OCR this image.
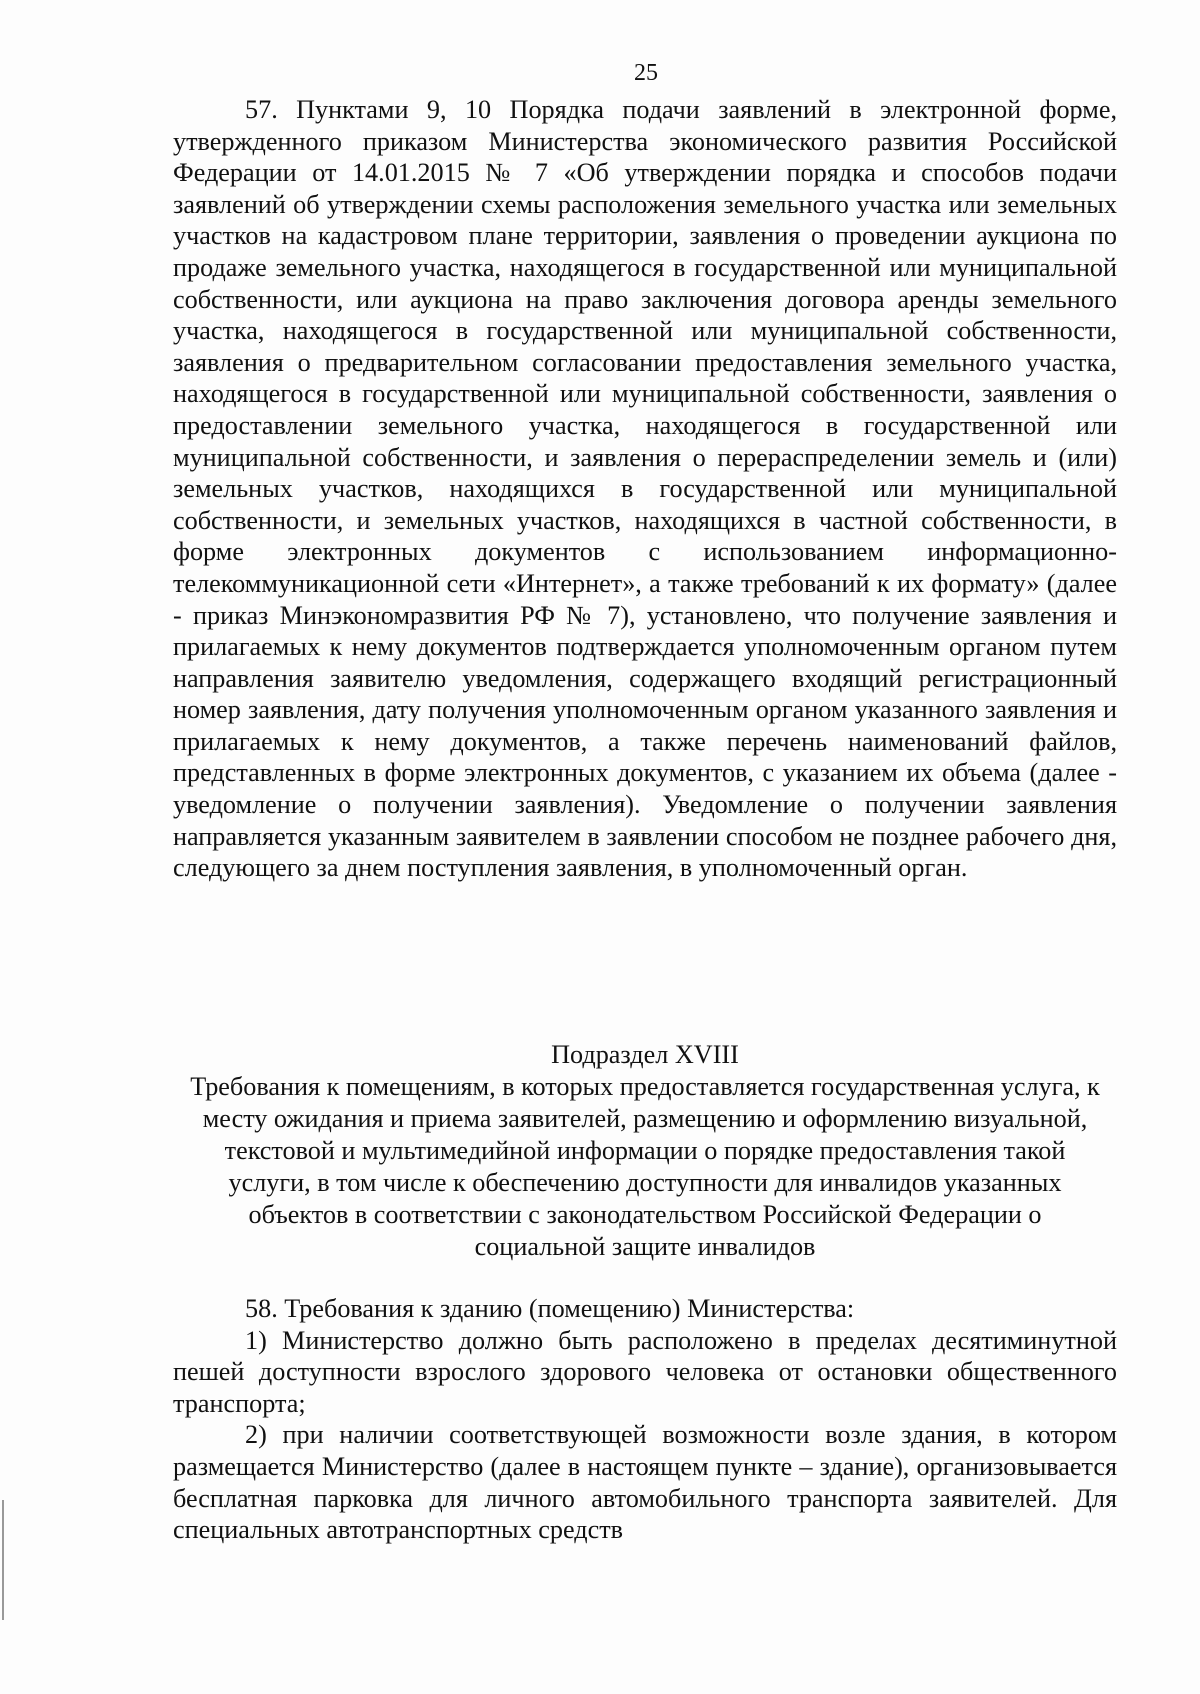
25

57. Пунктами 9, 10 Порядка подачи заявлений в электронной форме, утвержденного приказом Министерства экономического развития Российской Федерации от 14.01.2015 № 7 «Об утверждении порядка и способов подачи заявлений об утверждении схемы расположения земельного участка или земельных участков на кадастровом плане территории, заявления о проведении аукциона по продаже земельного участка, находящегося в государственной или муниципальной собственности, или аукциона на право заключения договора аренды земельного участка, находящегося в государственной или муниципальной собственности, заявления о предварительном согласовании предоставления земельного участка, находящегося в государственной или муниципальной собственности, заявления о предоставлении земельного участка, находящегося в государственной или муниципальной собственности, и заявления о перераспределении земель и (или) земельных участков, находящихся в государственной или муниципальной собственности, и земельных участков, находящихся в частной собственности, в форме электронных документов с использованием информационно-телекоммуникационной сети «Интернет», а также требований к их формату» (далее - приказ Минэкономразвития РФ № 7), установлено, что получение заявления и прилагаемых к нему документов подтверждается уполномоченным органом путем направления заявителю уведомления, содержащего входящий регистрационный номер заявления, дату получения уполномоченным органом указанного заявления и прилагаемых к нему документов, а также перечень наименований файлов, представленных в форме электронных документов, с указанием их объема (далее - уведомление о получении заявления). Уведомление о получении заявления направляется указанным заявителем в заявлении способом не позднее рабочего дня, следующего за днем поступления заявления, в уполномоченный орган.

Подраздел XVIII
Требования к помещениям, в которых предоставляется государственная услуга, к месту ожидания и приема заявителей, размещению и оформлению визуальной, текстовой и мультимедийной информации о порядке предоставления такой услуги, в том числе к обеспечению доступности для инвалидов указанных объектов в соответствии с законодательством Российской Федерации о социальной защите инвалидов

58. Требования к зданию (помещению) Министерства:

1) Министерство должно быть расположено в пределах десятиминутной пешей доступности взрослого здорового человека от остановки общественного транспорта;

2) при наличии соответствующей возможности возле здания, в котором размещается Министерство (далее в настоящем пункте – здание), организовывается бесплатная парковка для личного автомобильного транспорта заявителей. Для специальных автотранспортных средств
